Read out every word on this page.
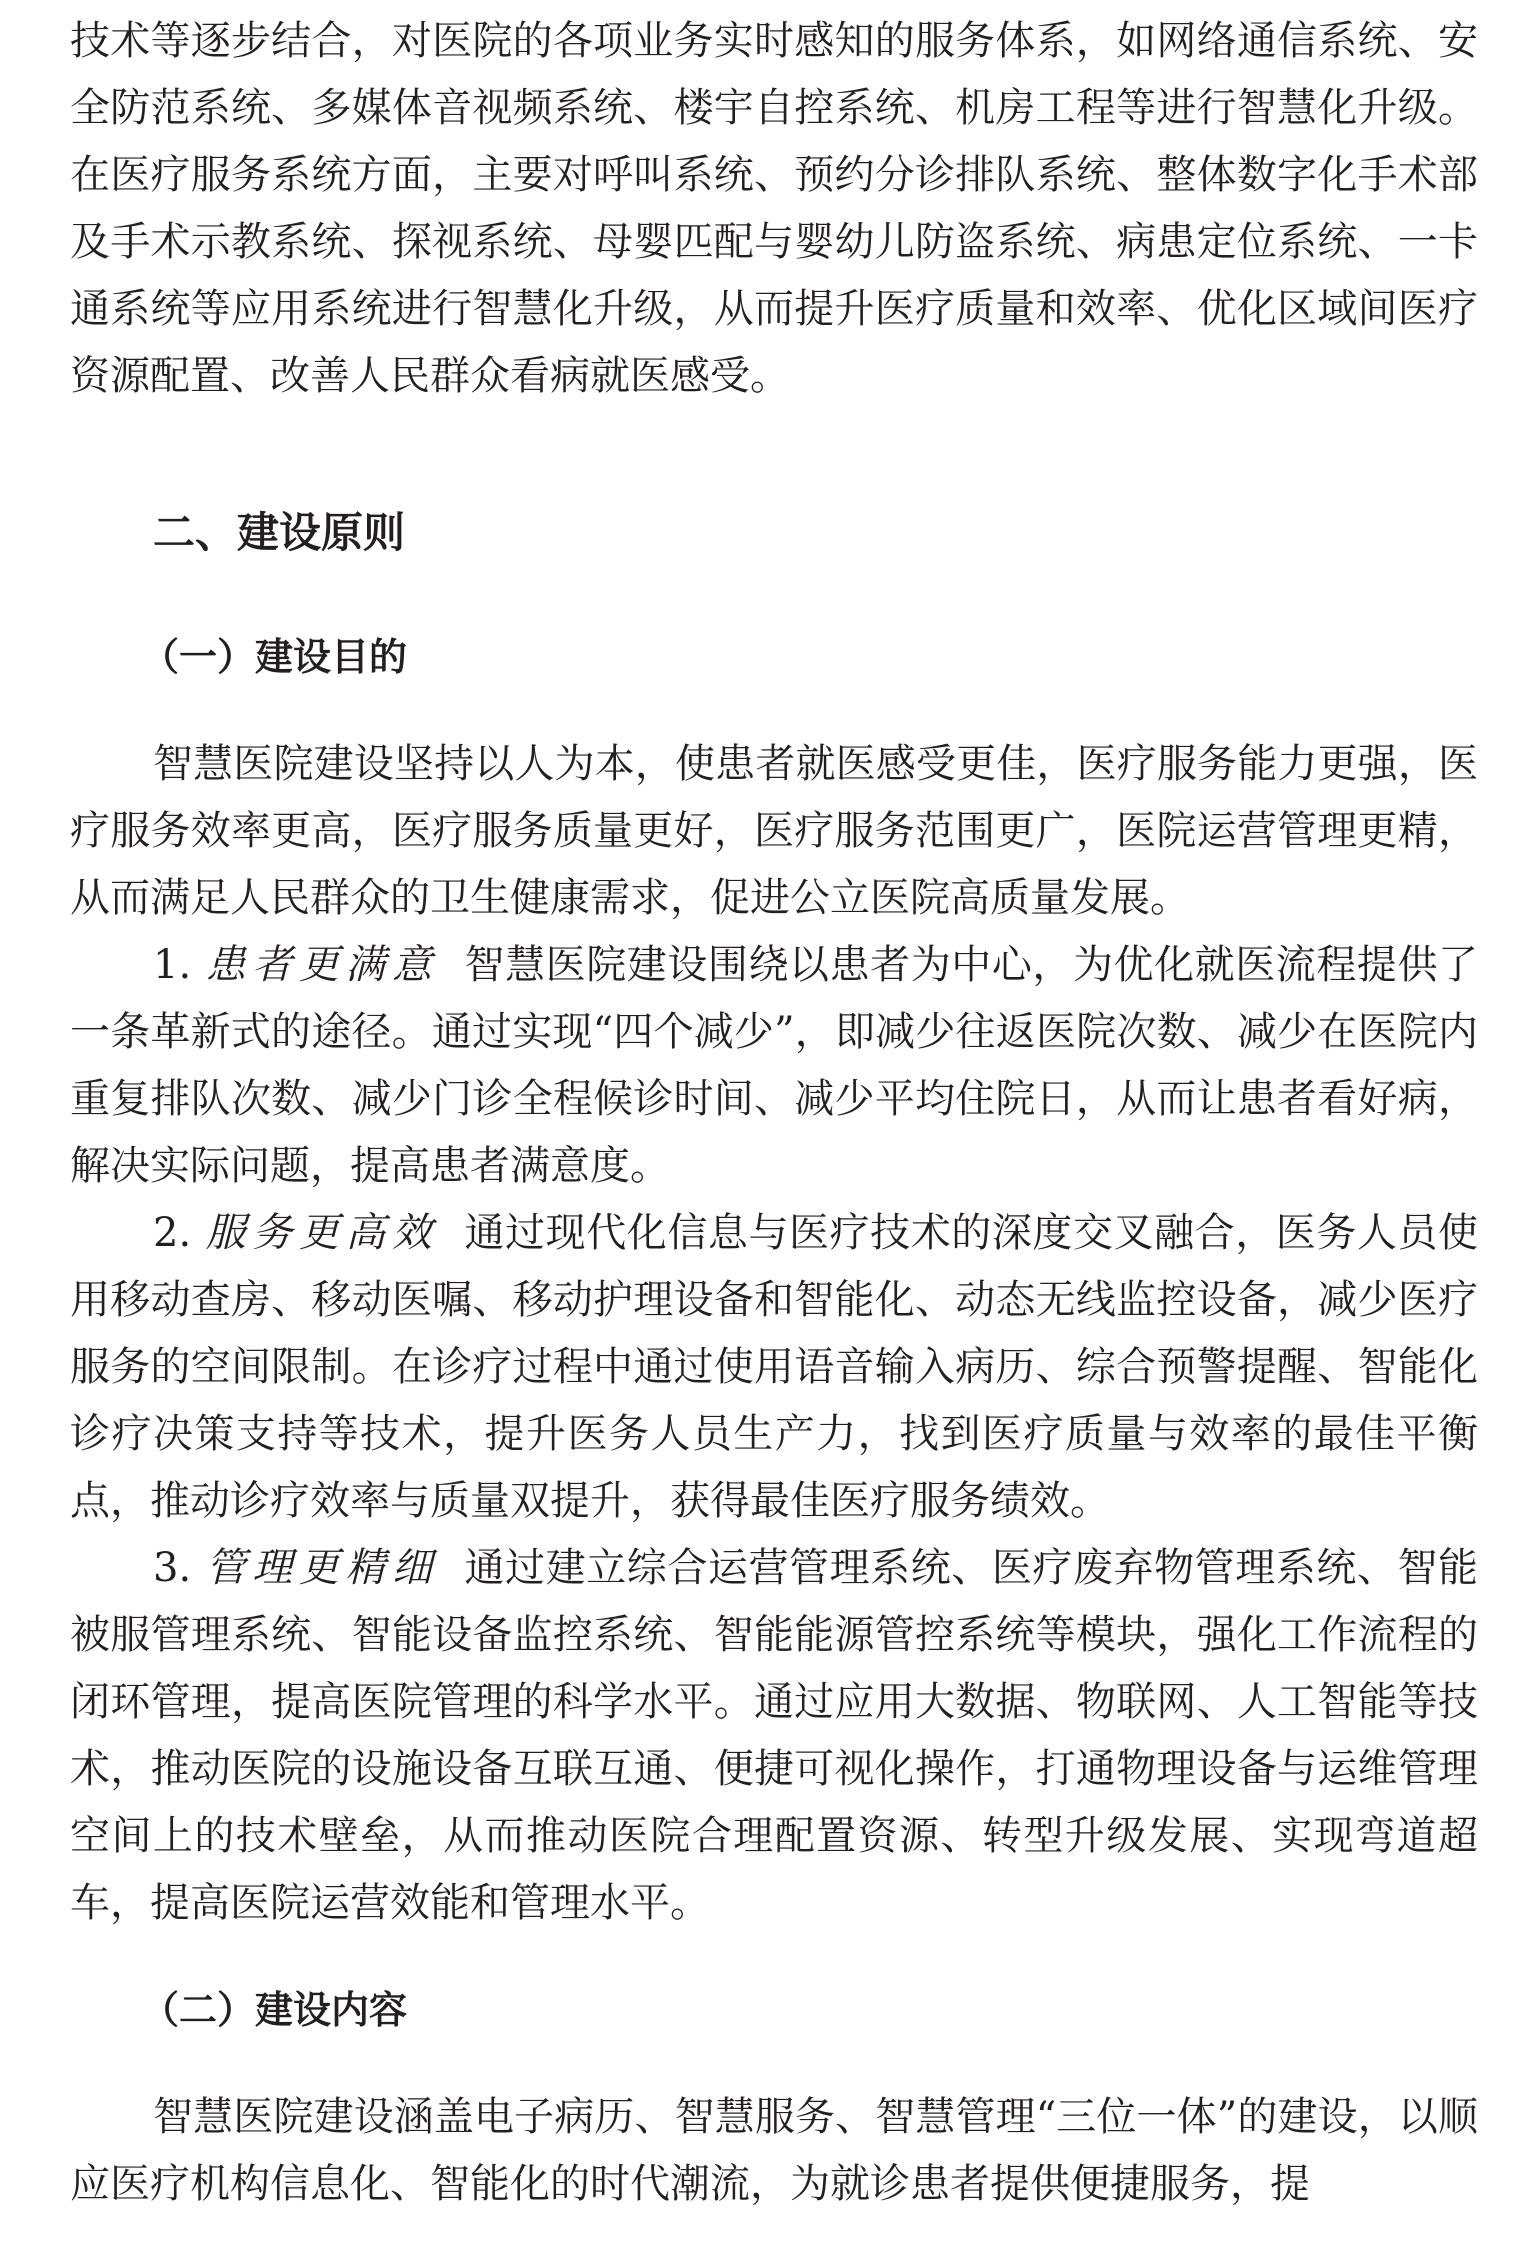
技术等逐步结合，对医院的各项业务实时感知的服务体系，如网络通信系统、安全防范系统、多媒体音视频系统、楼宇自控系统、机房工程等进行智慧化升级。在医疗服务系统方面，主要对呼叫系统、预约分诊排队系统、整体数字化手术部及手术示教系统、探视系统、母婴匹配与婴幼儿防盗系统、病患定位系统、一卡通系统等应用系统进行智慧化升级，从而提升医疗质量和效率、优化区域间医疗资源配置、改善人民群众看病就医感受。

二、建设原则
（一）建设目的

智慧医院建设坚持以人为本，使患者就医感受更佳，医疗服务能力更强，医疗服务效率更高，医疗服务质量更好，医疗服务范围更广，医院运营管理更精，从而满足人民群众的卫生健康需求，促进公立医院高质量发展。

1. 患者更满意 智慧医院建设围绕以患者为中心，为优化就医流程提供了一条革新式的途径。通过实现“四个减少”，即减少往返医院次数、减少在医院内重复排队次数、减少门诊全程候诊时间、减少平均住院日，从而让患者看好病，解决实际问题，提高患者满意度。

2. 服务更高效 通过现代化信息与医疗技术的深度交叉融合，医务人员使用移动查房、移动医嘱、移动护理设备和智能化、动态无线监控设备，减少医疗服务的空间限制。在诊疗过程中通过使用语音输入病历、综合预警提醒、智能化诊疗决策支持等技术，提升医务人员生产力，找到医疗质量与效率的最佳平衡点，推动诊疗效率与质量双提升，获得最佳医疗服务绩效。

3. 管理更精细 通过建立综合运营管理系统、医疗废弃物管理系统、智能被服管理系统、智能设备监控系统、智能能源管控系统等模块，强化工作流程的闭环管理，提高医院管理的科学水平。通过应用大数据、物联网、人工智能等技术，推动医院的设施设备互联互通、便捷可视化操作，打通物理设备与运维管理空间上的技术壁垒，从而推动医院合理配置资源、转型升级发展、实现弯道超车，提高医院运营效能和管理水平。

（二）建设内容

智慧医院建设涵盖电子病历、智慧服务、智慧管理“三位一体”的建设，以顺应医疗机构信息化、智能化的时代潮流，为就诊患者提供便捷服务，提
